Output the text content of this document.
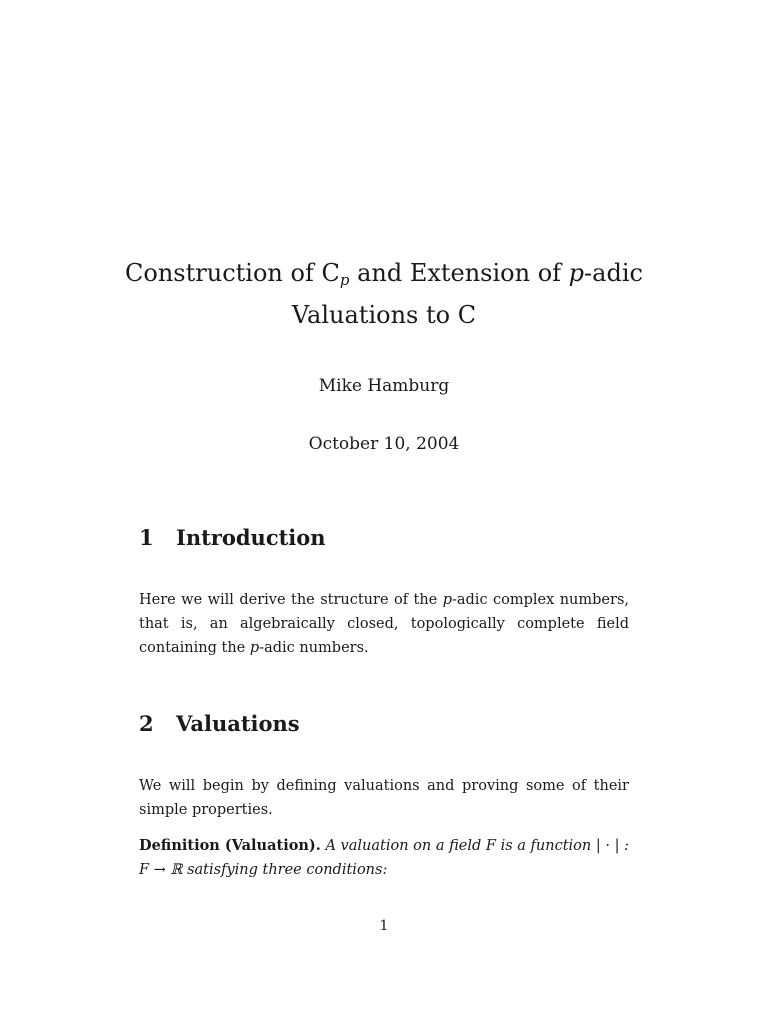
Construction of $C_p$ and Extension of p-adic
Valuations to C
Mike Hamburg
October 10, 2004
1 Introduction

Here we will derive the structure of the p-adic complex numbers, that is, an algebraically closed, topologically complete field containing the p-adic numbers.

2 Valuations

We will begin by defining valuations and proving some of their simple properties.

Definition (Valuation). A valuation on a field F is a function | · | : F → ℝ satisfying three conditions:

1
